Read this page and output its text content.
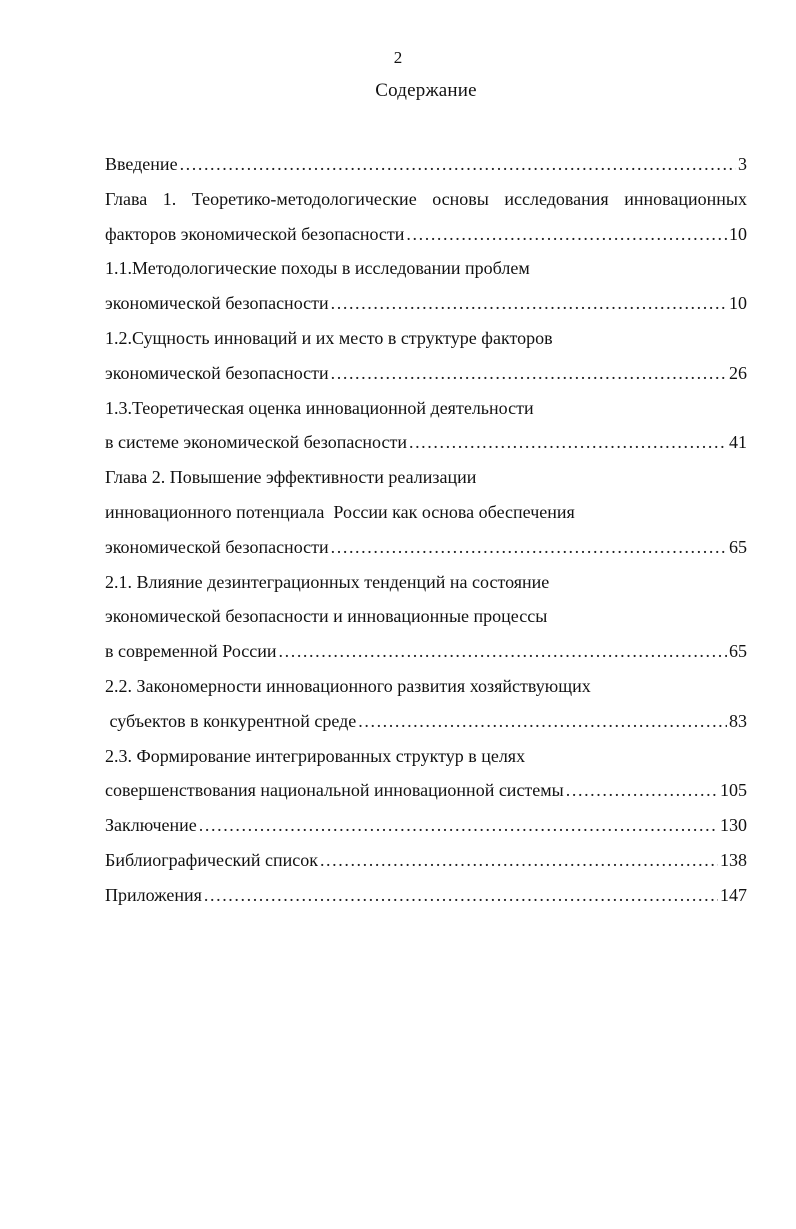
2
Содержание
Введение .....	3
Глава 1. Теоретико-методологические основы исследования инновационных
факторов экономической безопасности .....	10
1.1.Методологические походы в исследовании проблем
экономической безопасности .....	10
1.2.Сущность инноваций и их место в структуре факторов
экономической безопасности .....	26
1.3.Теоретическая оценка инновационной деятельности
в системе экономической безопасности .....	41
Глава 2. Повышение эффективности реализации
инновационного потенциала  России как основа обеспечения
экономической безопасности .....	65
2.1. Влияние дезинтеграционных тенденций на состояние
экономической безопасности и инновационные процессы
в современной России .....	65
2.2. Закономерности инновационного развития хозяйствующих
субъектов в конкурентной среде .....	83
2.3. Формирование интегрированных структур в целях
совершенствования национальной инновационной системы .....	105
Заключение .....	130
Библиографический список .....	138
Приложения .....	147
